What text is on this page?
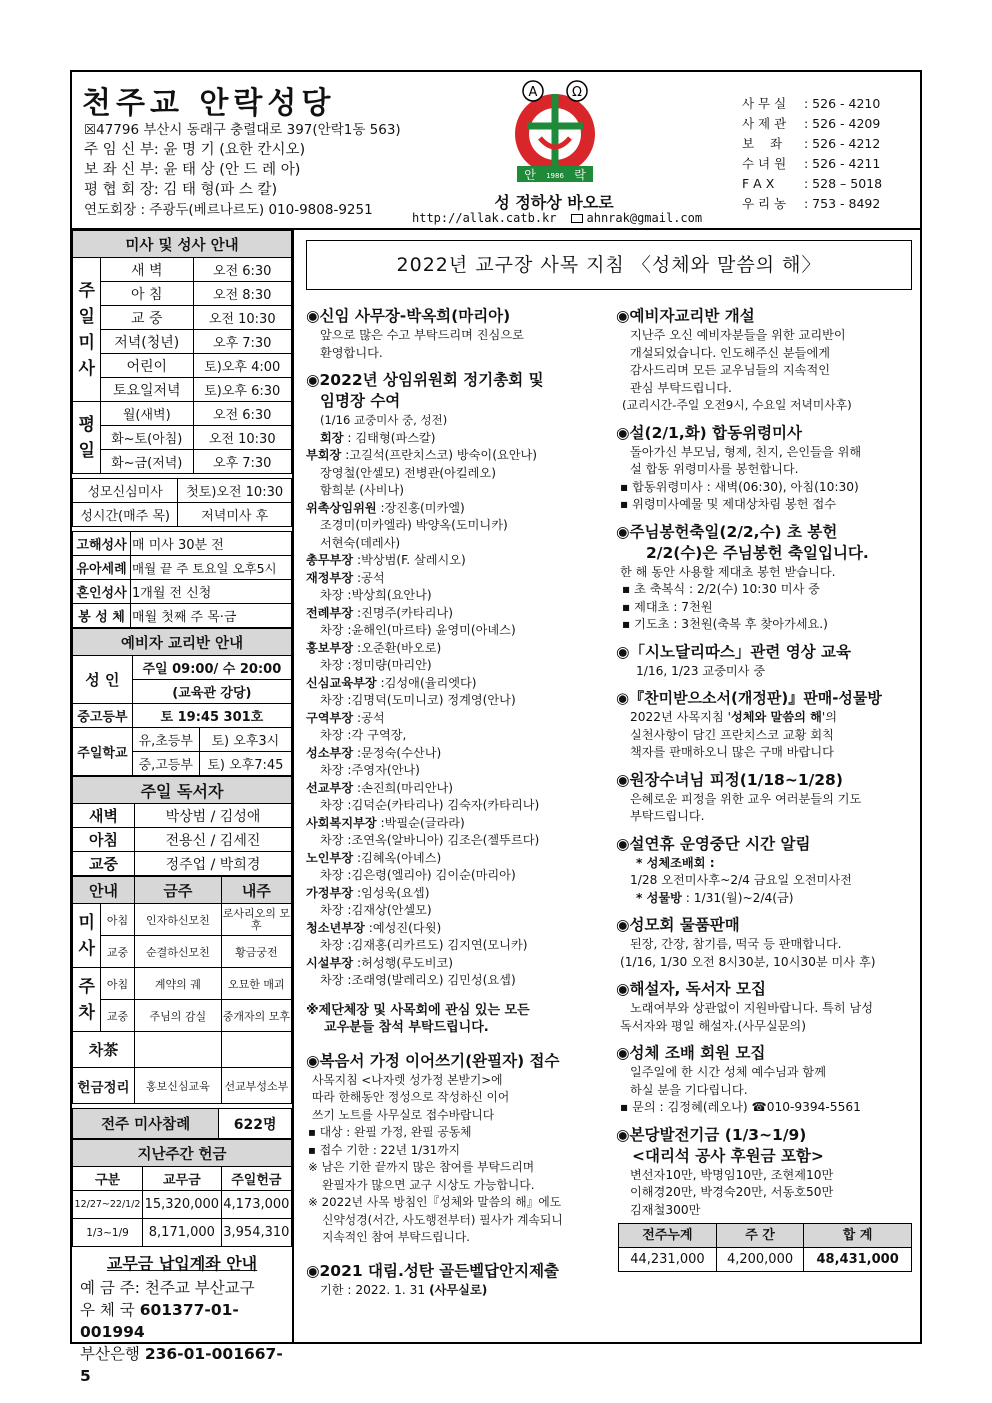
천주교 안락성당
☒47796 부산시 동래구 충렬대로 397(안락1동 563)
주 임 신 부: 윤 명 기 (요한 칸시오)
보 좌 신 부: 윤 태 상 (안 드 레 아)
평 협 회 장: 김 태 형(파 스 칼)
연도회장 : 주광두(베르나르도) 010-9808-9251
A	Ω
안 1986 락
성 정하상 바오로
http://allak.catb.kr	ahnrak@gmail.com
사 무 실 : 526 - 4210
사 제 관 : 526 - 4209
보    좌 : 526 - 4212
수 녀 원 : 526 - 4211
F A X : 528 – 5018
우 리 농 : 753 - 8492
미사 및 성사 안내		
주일미사	새 벽	오전 6:30
	아 침	오전 8:30
	교 중	오전 10:30
	저녁(청년)	오후 7:30
	어린이	토)오후 4:00
	토요일저녁	토)오후 6:30
평일	월(새벽)	오전 6:30
	화~토(아침)	오전 10:30
	화~금(저녁)	오후 7:30
성모신심미사	첫토)오전 10:30
성시간(매주 목)	저녁미사 후
고해성사	매 미사 30분 전
유아세례	매월 끝 주 토요일 오후5시
혼인성사	1개월 전 신청
봉 성 체	매월 첫째 주 목·금
예비자 교리반 안내		
성 인	주일 09:00/ 수 20:00	
	(교육관 강당)	
중고등부	토 19:45 301호	
주일학교	유,초등부	토) 오후3시
	중,고등부	토) 오후7:45
주일 독서자	
새벽	박상범 / 김성애
아침	전용신 / 김세진
교중	정주업 / 박희경
안내		금주	내주
미사	아침	인자하신모친	로사리오의 모후
	교중	순결하신모친	황금궁전
주차	아침	계약의 궤	오묘한 매괴
	교중	주님의 감실	중개자의 모후
차茶			
헌금정리		홍보신심교육	선교부성소부
전주 미사참례	622명
지난주간 헌금		
구분	교무금	주일헌금
12/27~22/1/2	15,320,000	4,173,000
1/3~1/9	8,171,000	3,954,310
교무금 납입계좌 안내
예 금 주: 천주교 부산교구
우 체 국 601377-01-001994
부산은행 236-01-001667-5
2022년 교구장 사목 지침 〈성체와 말씀의 해〉
◉신임 사무장-박옥희(마리아)
앞으로 많은 수고 부탁드리며 진심으로
환영합니다.
◉2022년 상임위원회 정기총회 및
임명장 수여
(1/16 교중미사 중, 성전)
회장 : 김태형(파스칼)
부회장 :고길석(프란치스코) 방숙이(요안나)
장영철(안셀모) 전병관(아킬레오)
함희분 (사비나)
위촉상임위원 :장진홍(미카엘)
조경미(미카엘라) 박양옥(도미니카)
서현숙(데레사)
총무부장 :박상범(F. 살레시오)
재정부장 :공석
차장 :박상희(요안나)
전례부장 :진명주(카타리나)
차장 :윤해인(마르타) 윤영미(아녜스)
홍보부장 :오준환(바오로)
차장 :정미량(마리안)
신심교육부장 :김성애(율리엣다)
차장 :김명덕(도미니코) 정계영(안나)
구역부장 :공석
차장 :각 구역장,
성소부장 :문정숙(수산나)
차장 :주영자(안나)
선교부장 :손진희(마리안나)
차장 :김덕순(카타리나) 김숙자(카타리나)
사회복지부장 :박필순(글라라)
차장 :조연옥(알바니아) 김조은(젤뚜르다)
노인부장 :김혜옥(아녜스)
차장 :김은령(엘리아) 김이순(마리아)
가정부장 :임성욱(요셉)
차장 :김재상(안셀모)
청소년부장 :예성진(다윗)
차장 :김재홍(리카르도) 김지연(모니카)
시설부장 :허성행(루도비코)
차장 :조래영(발레리오) 김민성(요셉)
※제단체장 및 사목회에 관심 있는 모든
교우분들 참석 부탁드립니다.
◉복음서 가정 이어쓰기(완필자) 접수
사목지침 <나자렛 성가정 본받기>에
따라 한해동안 정성으로 작성하신 이어
쓰기 노트를 사무실로 접수바랍니다
▪ 대상 : 완필 가정, 완필 공동체
▪ 접수 기한 : 22년 1/31까지
※ 남은 기한 끝까지 많은 참여를 부탁드리며
완필자가 많으면 교구 시상도 가능합니다.
※ 2022년 사목 방침인『성체와 말씀의 해』에도
신약성경(서간, 사도행전부터) 필사가 계속되니
지속적인 참여 부탁드립니다.
◉2021 대림.성탄 골든벨답안지제출
기한 : 2022. 1. 31 (사무실로)
◉예비자교리반 개설
지난주 오신 예비자분들을 위한 교리반이
개설되었습니다. 인도해주신 분들에게
감사드리며 모든 교우님들의 지속적인
관심 부탁드립니다.
(교리시간-주일 오전9시, 수요일 저녁미사후)
◉설(2/1,화) 합동위령미사
돌아가신 부모님, 형제, 친지, 은인들을 위해
설 합동 위령미사를 봉헌합니다.
▪ 합동위령미사 : 새벽(06:30), 아침(10:30)
▪ 위령미사예물 및 제대상차림 봉헌 접수
◉주님봉헌축일(2/2,수) 초 봉헌
2/2(수)은 주님봉헌 축일입니다.
한 해 동안 사용할 제대초 봉헌 받습니다.
▪ 초 축복식 : 2/2(수) 10:30 미사 중
▪ 제대초 : 7천원
▪ 기도초 : 3천원(축복 후 찾아가세요.)
◉「시노달리따스」관련 영상 교육
1/16, 1/23 교중미사 중
◉『찬미받으소서(개정판)』판매-성물방
2022년 사목지침 '성체와 말씀의 해'의
실천사항이 담긴 프란치스코 교황 회칙
책자를 판매하오니 많은 구매 바랍니다
◉원장수녀님 피정(1/18~1/28)
은혜로운 피정을 위한 교우 여러분들의 기도
부탁드립니다.
◉설연휴 운영중단 시간 알림
* 성체조배회 :
1/28 오전미사후~2/4 금요일 오전미사전
* 성물방 : 1/31(월)~2/4(금)
◉성모회 물품판매
된장, 간장, 참기름, 떡국 등 판매합니다.
(1/16, 1/30 오전 8시30분, 10시30분 미사 후)
◉해설자, 독서자 모집
노래여부와 상관없이 지원바랍니다. 특히 남성
독서자와 평일 해설자.(사무실문의)
◉성체 조배 회원 모집
일주일에 한 시간 성체 예수님과 함께
하실 분을 기다립니다.
▪ 문의 : 김정혜(레오나) ☎010-9394-5561
◉본당발전기금 (1/3~1/9)
<대리석 공사 후원금 포함>
변선자10만, 박명임10만, 조현제10만
이해경20만, 박경숙20만, 서동호50만
김재철300만
전주누계	주 간	합 계
44,231,000	4,200,000	48,431,000
